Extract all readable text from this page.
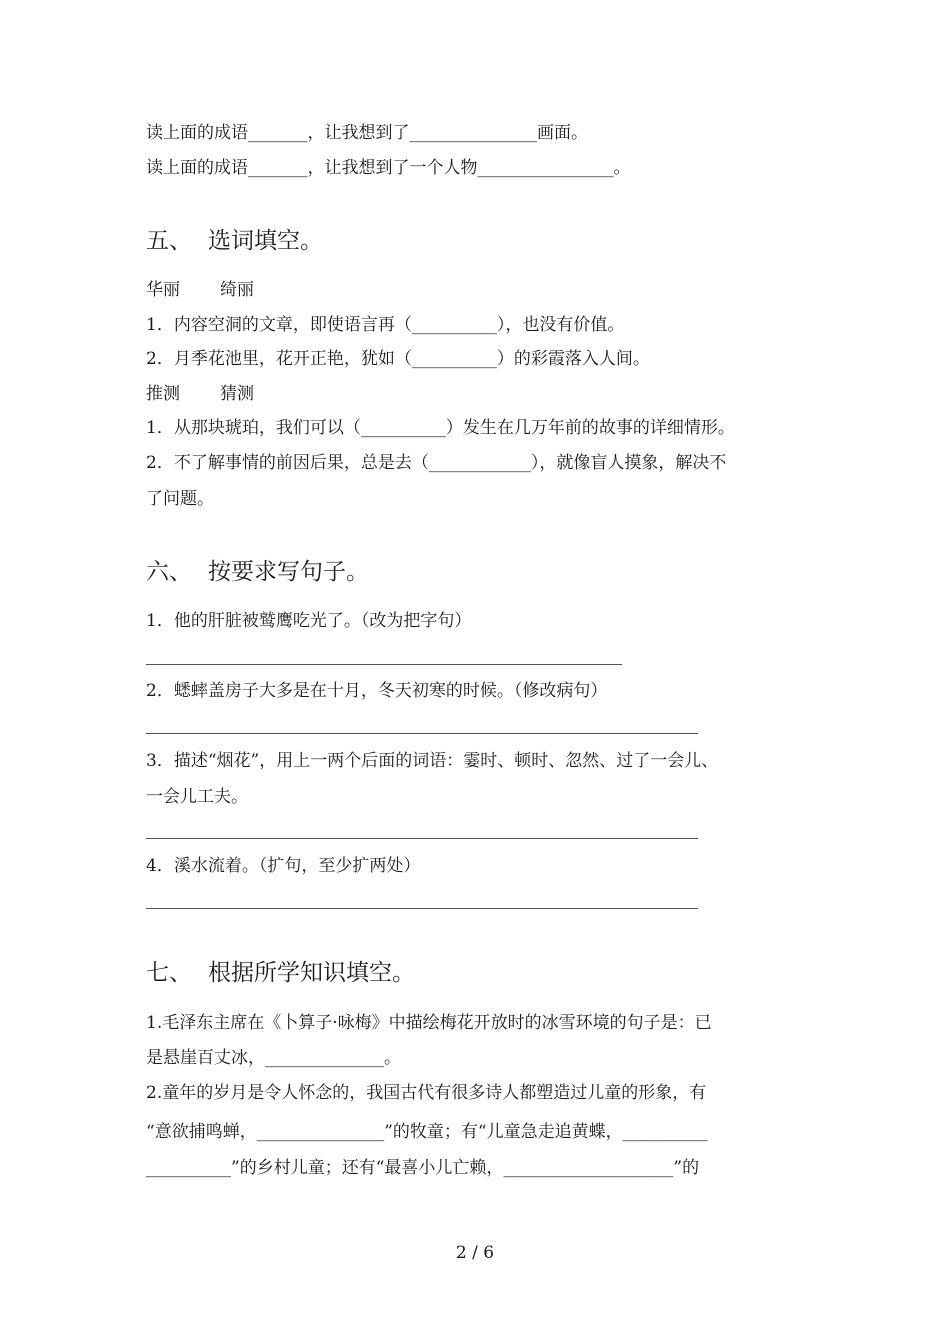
读上面的成语_______，让我想到了_______________画面。
读上面的成语_______，让我想到了一个人物________________。
五、 选词填空。
华丽 绮丽
1．内容空洞的文章，即使语言再（__________），也没有价值。
2．月季花池里，花开正艳，犹如（__________）的彩霞落入人间。
推测 猜测
1．从那块琥珀，我们可以（__________）发生在几万年前的故事的详细情形。
2．不了解事情的前因后果，总是去（____________），就像盲人摸象，解决不
了问题。
六、 按要求写句子。
1．他的肝脏被鹫鹰吃光了。（改为把字句）
2．蟋蟀盖房子大多是在十月，冬天初寒的时候。（修改病句）
3．描述“烟花”，用上一两个后面的词语：霎时、顿时、忽然、过了一会儿、
一会儿工夫。
4．溪水流着。（扩句，至少扩两处）
七、 根据所学知识填空。
1.毛泽东主席在《卜算子·咏梅》中描绘梅花开放时的冰雪环境的句子是：已
是悬崖百丈冰，______________。
2.童年的岁月是令人怀念的，我国古代有很多诗人都塑造过儿童的形象，有
“意欲捕鸣蝉，_______________”的牧童；有“儿童急走追黄蝶，__________
__________”的乡村儿童；还有“最喜小儿亡赖，____________________”的
2 / 6
